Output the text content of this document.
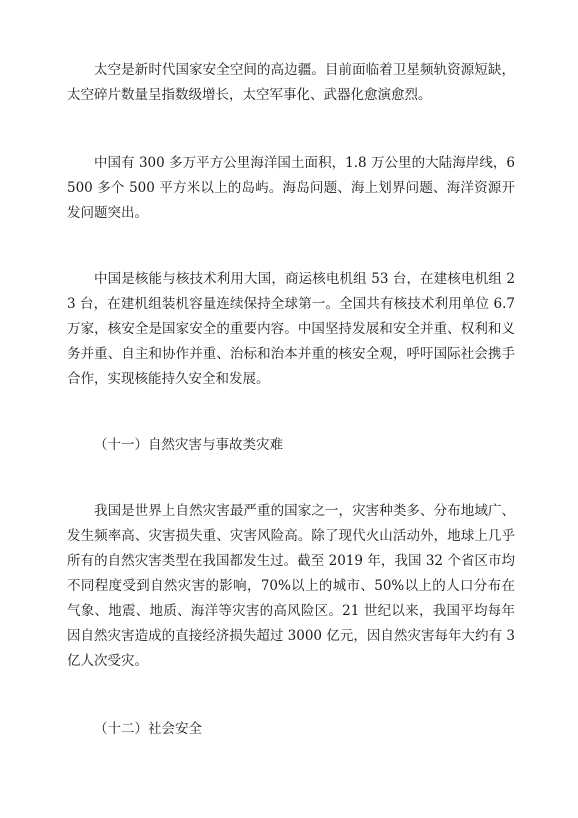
太空是新时代国家安全空间的高边疆。目前面临着卫星频轨资源短缺，太空碎片数量呈指数级增长，太空军事化、武器化愈演愈烈。

中国有 300 多万平方公里海洋国土面积，1.8 万公里的大陆海岸线，6500 多个 500 平方米以上的岛屿。海岛问题、海上划界问题、海洋资源开发问题突出。

中国是核能与核技术利用大国，商运核电机组 53 台，在建核电机组 23 台，在建机组装机容量连续保持全球第一。全国共有核技术利用单位 6.7 万家，核安全是国家安全的重要内容。中国坚持发展和安全并重、权利和义务并重、自主和协作并重、治标和治本并重的核安全观，呼吁国际社会携手合作，实现核能持久安全和发展。

（十一）自然灾害与事故类灾难

我国是世界上自然灾害最严重的国家之一，灾害种类多、分布地域广、发生频率高、灾害损失重、灾害风险高。除了现代火山活动外，地球上几乎所有的自然灾害类型在我国都发生过。截至 2019 年，我国 32 个省区市均不同程度受到自然灾害的影响，70%以上的城市、50%以上的人口分布在气象、地震、地质、海洋等灾害的高风险区。21 世纪以来，我国平均每年因自然灾害造成的直接经济损失超过 3000 亿元，因自然灾害每年大约有 3 亿人次受灾。

（十二）社会安全
